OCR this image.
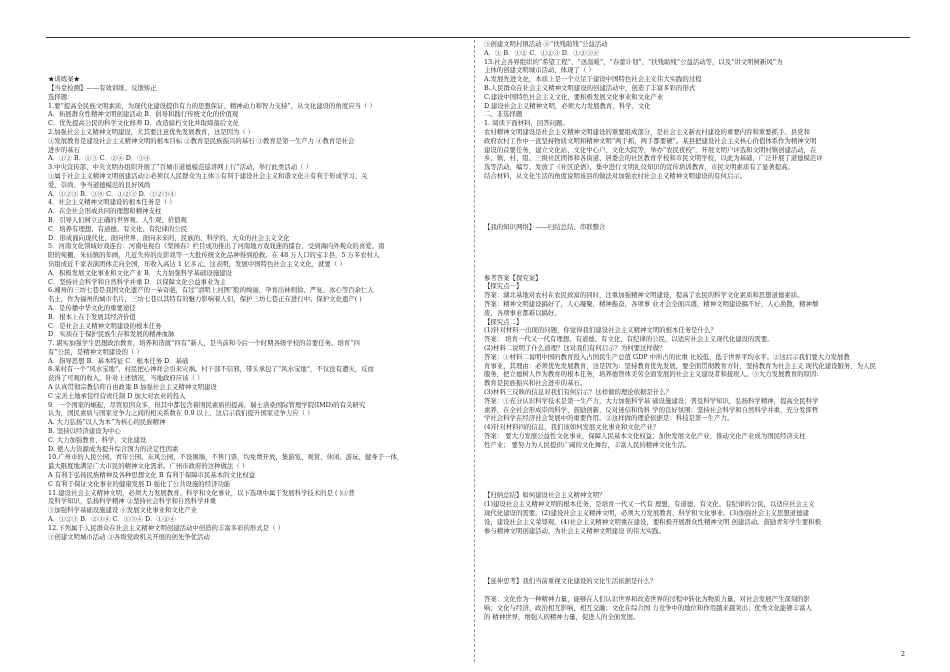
★训练案★
【当堂检测】——有效训练、反馈矫正
选择题：
1.要“提高全民族文明素质，为现代化建设提供有力的思想保证、精神动力和智力支持”，从文化建设的角度应当（ ）
A．拓展群众性精神文明创建活动 B．倡导和践行传统文化的价值观
C．优先提高公民的科学文化修养 D．改造腐朽文化并取缔落后文化
2.加强社会主义精神文明建设，尤其要注意优先发展教育，这是因为（ ）
①发展教育是建设社会主义精神文明的根本目标 ②教育是民族振兴的基石 ③教育是第一生产力 ④教育是社会
进步的基石
A．①② B．①③ C．②④ D．③④
3.中央宣传部、中央文明办组织开展了“百城市道德模范巡讲网上行”活动，举行此类活动（ ）
①属于社会主义精神文明创建活动②必须以人民群众为主体③有利于建设社会主义和谐文化④有利于形成学习、关
爱、崇尚、争当道德模范的良好风尚
A．①②③ B．③④ C．①②③ D．①②③④
4．社会主义精神文明建设的根本任务是（ ）
A．在全社会形成共同的理想和精神支柱
B．引导人们树立正确的世界观、人生观、价值观
C．培养有理想、有道德、有文化、有纪律的公民
D．形成面向现代化、面向世界、面向未来的，民族的、科学的、大众的社会主义文化
5．河南文化领域好戏连台：河南电视台《梨园春》栏目成功推出了河南地方戏戏迷的擂台，受到海内外观众的喜爱。南
阳的宛棚、朱仙镇的年画，几近失传的皮影戏等一大批传统文化品种得到抢救。在 48 万人口的宝丰县，5 万多农村人
员组成近千家表演团体走向全国，年收入高达 1 亿多元。这表明，发展中国特色社会主义文化，就要（ ）
A．积极发展文化事业和文化产业 B．大力加强科学基础设施建设
C．坚持社会科学和自然科学并重 D．以保障文化公益事业为主
6.湘州的三坊七巷是我国文化遗产的一朵奇葩，有过“清明上河图”般的绚丽，孕育出林则徐、严复、冰心等百余仁人
名士，作为福州的城市名片，三坊七巷以其特有的魅力影响着人们，保护三坊七巷正在进行中。保护文化遗产( )
A．是传播中华文化的重要途径
B．根本上在于发展其经济价值
C．是社会主义精神文明建设的根本任务
D．实质在于保护民族生存和发展的精神血脉
7. 堪实加强学生思想政治教育，培养和造就“四有”新人，是当前和今后一个时期各级学校的首要任务。培育“四
有”公民，是精神文明建设的（ ）
A．指导思想 B．基本特征 C．根本任务 D．基础
8.某村有一个“风水宝地”，村民把心神祥会引来灾祸。村干部不信邪，带头承包了“风水宝地”，不仅没有遭灾，反而
获得了可观的收入，针对上述情况，当地政府应该（ ）
A 认真贯彻宗教信仰自由政策 B 加强社会主义精神文明建设
C 完善土地承包经营责任制 D 加大对农业的投入
9．一个国家的崛起，尽管原因众多，但其中都包含着国民素质的提高，瑞士洛桑国际管理学院(IMD)的有关研究
认为，国民素质与国家竞争力之间的相关系数在 0.9 以上，这启示我们提升国家竞争力应（ ）
A. 大力弘扬“以人为本”为核心的民族精神
B. 坚持以经济建设为中心
C. 大力加强教育、科学、文化建设
D. 使人力资源成为提升综合国力的决定性因素
10.广州市的人民公园、青年公园、东风公园，不设围墙，不售门票，均免费开放，集游览、观赏、休闲、游玩、健身于一体，
最大限度地满足广大市民的精神文化需求。广州市政府的这种做法（ ）
A 有利于弘扬民族精神及各种思想文化 B 有利于保障市民基本的文化权益
C 有利于保证文化事业的健康发展 D 强化了公共设施的经济功能
11.建设社会主义精神文明，必须大力发展教育、科学和文化事业，以下选项中属于发展科学技术的是 ( )①普
及科学知识，弘扬科学精神 ②坚持社会科学和自然科学并重
③加强科学基础设施建设 ④发展文化事业和文化产业
A．①②③ B．②③④ C．①③④ D．①②④
12.下列属于人民群众在社会主义精神文明创建活动中创造的丰富多彩的形式是（ ）
①创建文明城市活动 ②各级党政机关开展的创先争优活动
③创建文明村镇活动 ④“扶残助残”公益活动
A．① B．①② C．①②③ D．①②③④
13.社会各界组织的“希望工程”、“送温暖”、“春蕾计划”、“扶残助残”公益活动等，以及“讲文明树新风”为
主体的创建文明城市活动，体现了（ ）
A.发展先进文化，本质上是一个立足于建设中国特色社会主义伟大实践的过程
B.人民群众在社会主义精神文明建设的创建活动中，创造了丰富多彩的形式
C.建设中国特色社会主义文化，要积极发展文化事业和文化产业
D.建设社会主义精神文明，必须大力发展教育、科学、文化
二、非选择题
1. 阅读下面材料，回答问题。
农村精神文明建设是社会主义精神文明建设的重要组成部分，是社会主义新农村建设的重要内容和重要抓手。县党和
政府农村工作中一直坚持物质文明和精神文明“两手抓，两手都要硬”。某县把建设社会主义核心价值体系作为精神文明
建设的首要任务，建立文化站、文化中心户、文化大院等，举办“农民夜校”，开展文明户评选和文明村镇创建活动，在
乡、镇、村、组、三级社区团体和各街道、居委会的社区教育学校和市民文明学校，以此为基础，广泛开展了道德模范评
选等活动，编写、发放了《社区论语》，集中进行文明礼仪知识的宣传培训教育，市民文明素质有了显著提高。
结合材料，从文化生活的角度说明该县的做法对加强农村社会主义精神文明建设的有何启示。
【我的知识网络】——归结总结、串联整合
参考答案【探究案】
【探究点一】
答案：湖北基地对农村在农民致富的同时，注重加强精神文明建设，提高了农民的科学文化素质和思想道德素质。
答案：精神文明建设搞好了，人心凝聚，精神振奋，各项事 业才会全面兴盛，精神文明建设搞不好，人心涣散，精神颓
废，各项事业都难以搞好。
【探究点二】
(1)针对材料一出现的问题，你觉得我们建设社会主义精神文明的根本任务是什么？
答案： 培育一代又一代有理想、有道德、有文化、有纪律的公民，以适应社会主义现代化建设的需要。
(2)材料二说明了什么道理？这对我们有何启示？为何要这样做？
答案：①材料二说明中国的教育投入占国民生产总值 GDP 中所占的比重 比较低，低于世界平均水平。②这启示我们要大力发展教
育事业，其理由：必须优先发展教育，这是因为：坚持教育优先发展，要全面贯彻教育方针，坚持教育为社会主义 现代化建设服务、为人民
服务，把立德树人作为教育的根本任务，培养德智体美劳全面发展的社会主义建设者和接班人。③大力发展教育的原因：
教育是民族振兴和社会进步的基石。
(3)材料三反映的信息对我们有何启示？这样做的理论依据是什么？
答案：①充分认识科学技术是第一生产力，大力加强科学基 础设施建设；普及科学知识，弘扬科学精神，提高全民科学
素养，在全社会形成崇尚科学、鼓励创新、反对迷信和伪科 学的良好氛围；坚持社会科学和自然科学并重，充分发挥哲
学社会科学在经济社会发展中的重要作用。②这样做的理论依据是：科技是第一生产力。
(4)针对材料四的信息，我们该如何发展文化事业和文化产业？
答案： 要大力发展公益性文化事业，保障人民基本文化权益；加快发展文化产业，推动文化产业成为国民经济支柱
性产业； 要努力为人民提供广阔的文化舞台，丰富人民的精神文化生活。
【归纳总结】如何建设社会主义精神文明？
(1)建设社会主义精神文明的根本任务，是培育一代又一代有 理想、有道德、有文化、有纪律的公民，以适应社会主义
现代化建设的需要。(2)建设社会主义精神文明，必须大力发展教育、科学和文化事业。(3)加强社会主义思想道德建
设，建设社会主义荣辱观。(4)社会主义精神文明重在建设，要积极开展群众性精神文明 创建活动。鼓励青年学生要积极
参与精神文明创建活动，为社会主义精神文明建设 的伟大实践。
【延伸思考】我们当前重视文化建设的文化生活依据是什么？
答案：文化作为一种精神力量，能够在人们认识世界和改造世界的过程中转化为物质力量，对社会发展产生深刻的影
响；文化与经济、政治相互影响，相互交融；文化在综合国 力竞争中的地位和作用越来越突出；优秀文化能够丰富人
的 精神世界，增强人的精神力量，促进人的全面发展。
2
